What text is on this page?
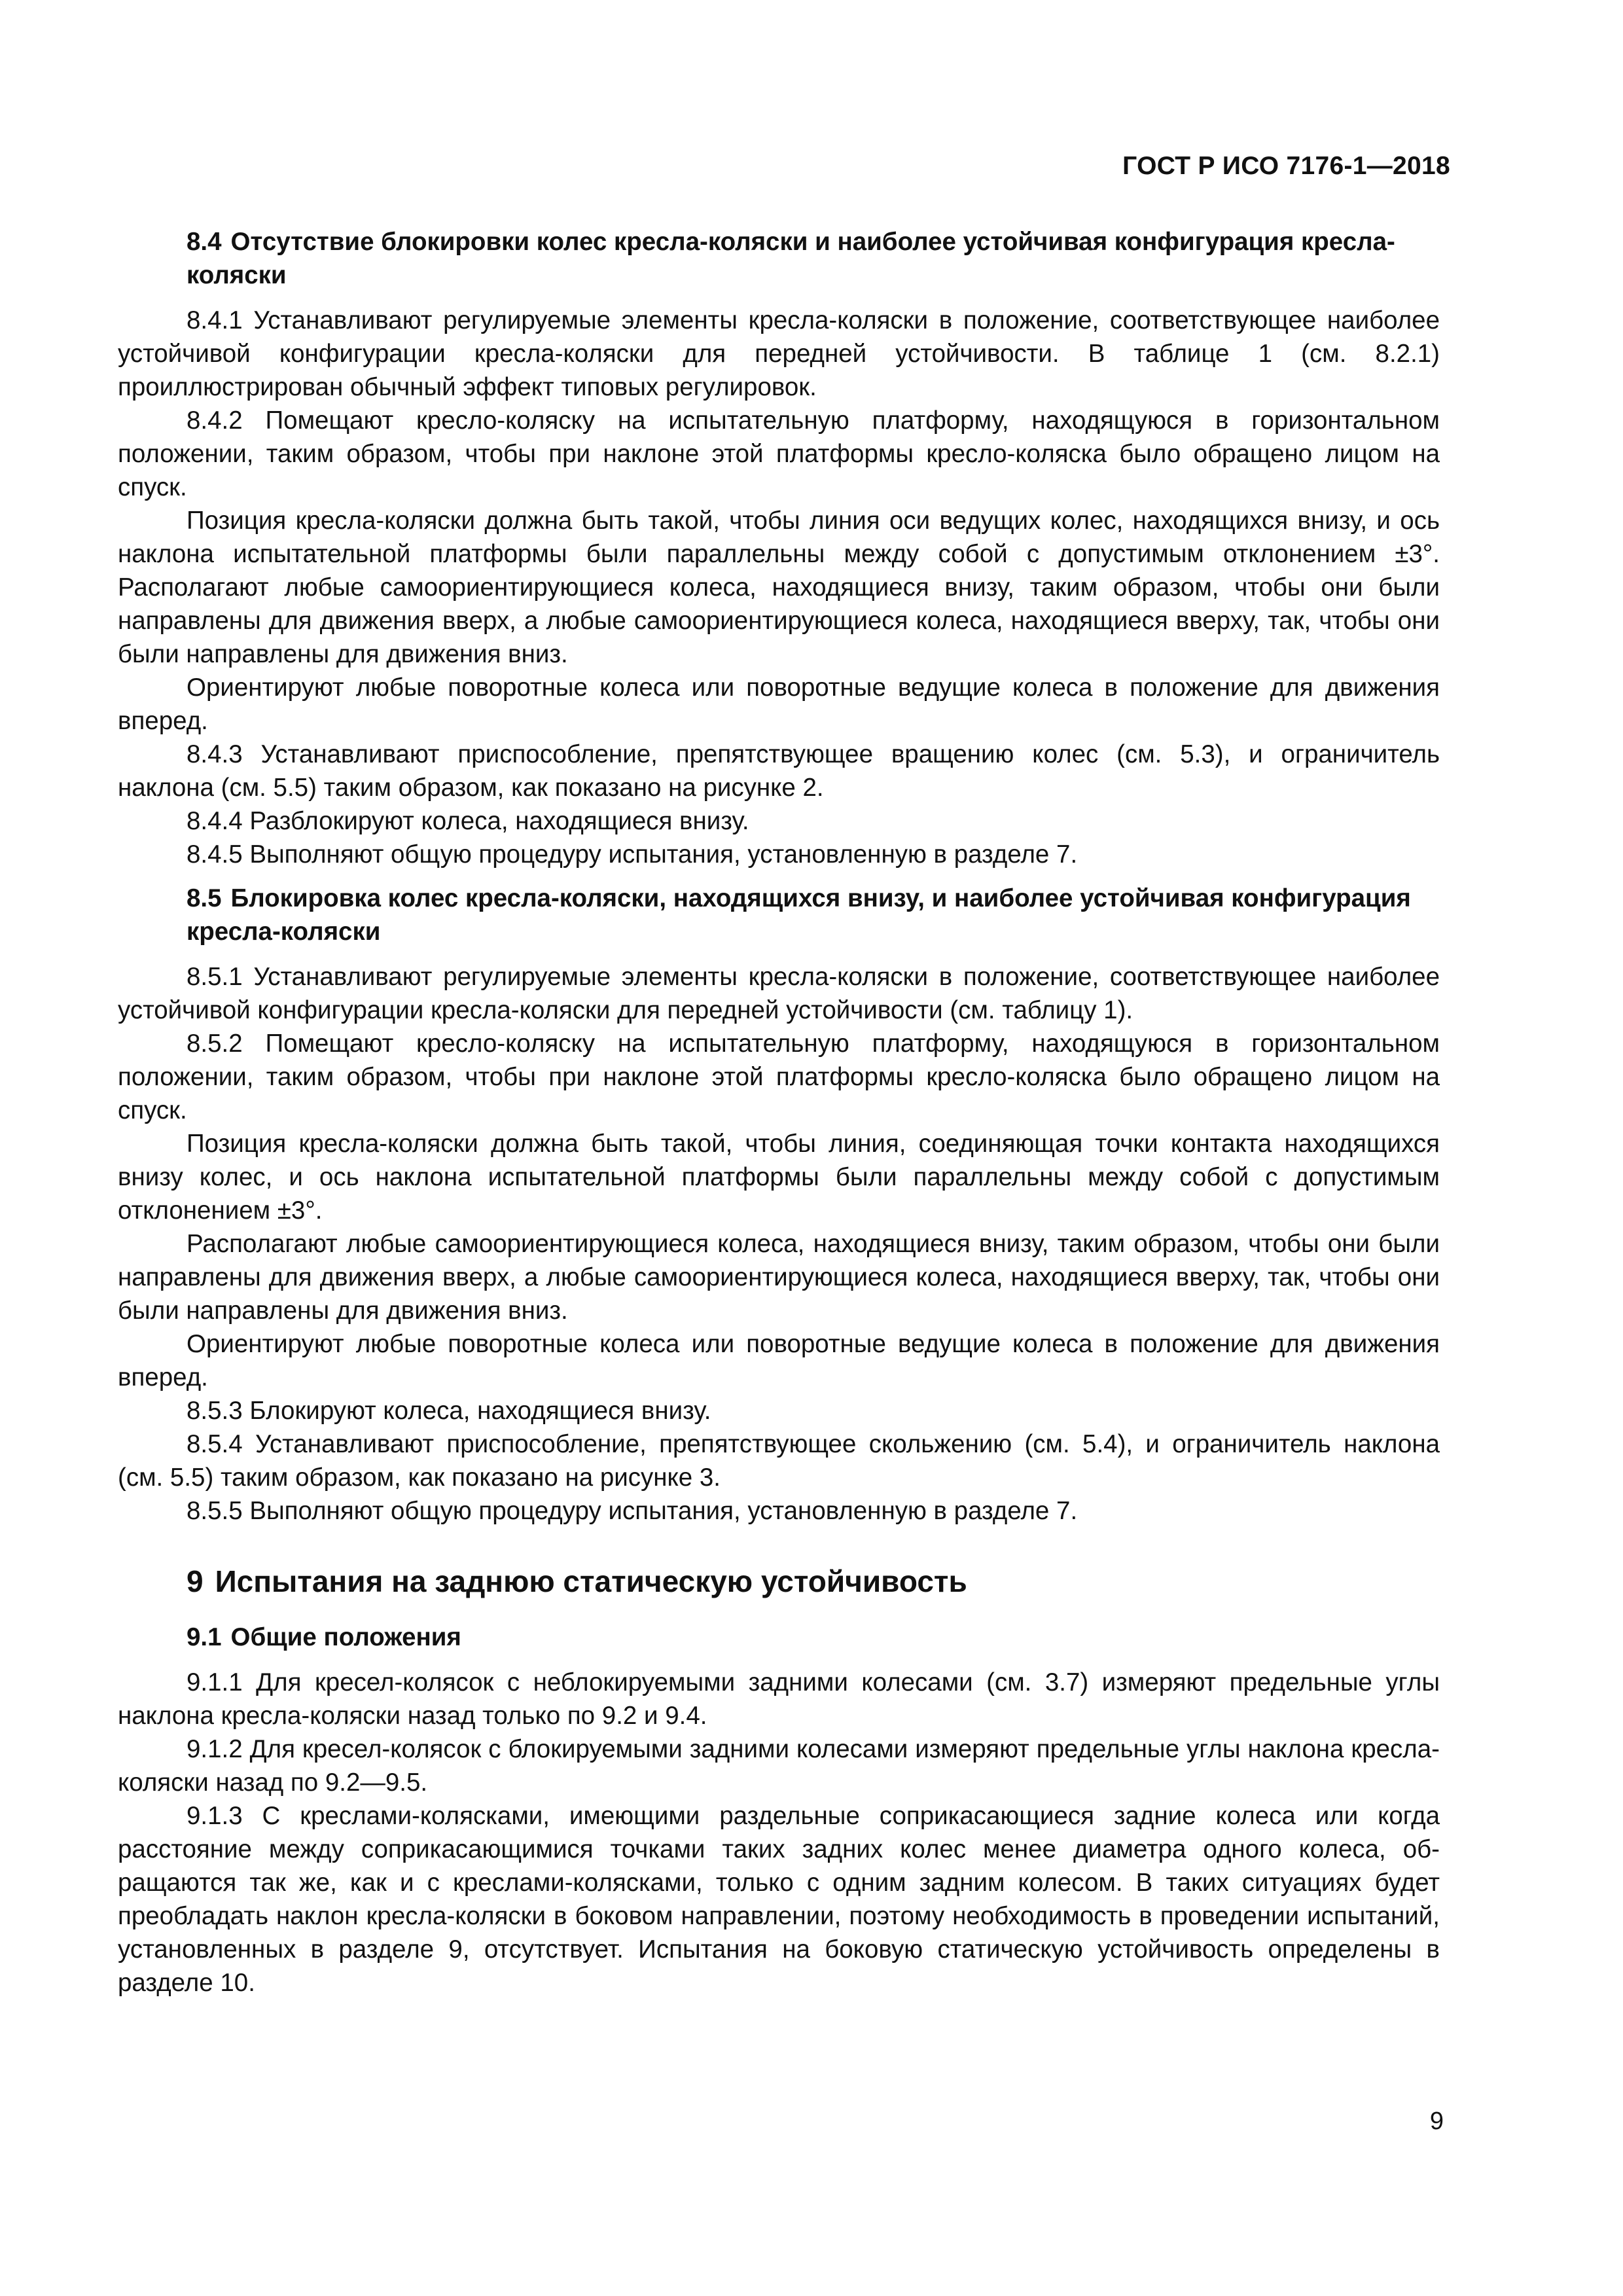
ГОСТ Р ИСО 7176-1—2018
8.4 Отсутствие блокировки колес кресла-коляски и наиболее устойчивая конфигурация кресла-коляски

8.4.1 Устанавливают регулируемые элементы кресла-коляски в положение, соответствующее наиболее устойчивой конфигурации кресла-коляски для передней устойчивости. В таблице 1 (см. 8.2.1) проиллюстрирован обычный эффект типовых регулировок.

8.4.2 Помещают кресло-коляску на испытательную платформу, находящуюся в горизонтальном положении, таким образом, чтобы при наклоне этой платформы кресло-коляска было обращено лицом на спуск.

Позиция кресла-коляски должна быть такой, чтобы линия оси ведущих колес, находящихся внизу, и ось наклона испытательной платформы были параллельны между собой с допустимым отклонением ±3°. Располагают любые самоориентирующиеся колеса, находящиеся внизу, таким образом, чтобы они были направлены для движения вверх, а любые самоориентирующиеся колеса, находящиеся вверху, так, чтобы они были направлены для движения вниз.

Ориентируют любые поворотные колеса или поворотные ведущие колеса в положение для движения вперед.

8.4.3 Устанавливают приспособление, препятствующее вращению колес (см. 5.3), и ограничитель наклона (см. 5.5) таким образом, как показано на рисунке 2.

8.4.4 Разблокируют колеса, находящиеся внизу.

8.4.5 Выполняют общую процедуру испытания, установленную в разделе 7.

8.5 Блокировка колес кресла-коляски, находящихся внизу, и наиболее устойчивая конфигурация кресла-коляски

8.5.1 Устанавливают регулируемые элементы кресла-коляски в положение, соответствующее наиболее устойчивой конфигурации кресла-коляски для передней устойчивости (см. таблицу 1).

8.5.2 Помещают кресло-коляску на испытательную платформу, находящуюся в горизонтальном положении, таким образом, чтобы при наклоне этой платформы кресло-коляска было обращено лицом на спуск.

Позиция кресла-коляски должна быть такой, чтобы линия, соединяющая точки контакта находящихся внизу колес, и ось наклона испытательной платформы были параллельны между собой с допустимым отклонением ±3°.

Располагают любые самоориентирующиеся колеса, находящиеся внизу, таким образом, чтобы они были направлены для движения вверх, а любые самоориентирующиеся колеса, находящиеся вверху, так, чтобы они были направлены для движения вниз.

Ориентируют любые поворотные колеса или поворотные ведущие колеса в положение для движения вперед.

8.5.3 Блокируют колеса, находящиеся внизу.

8.5.4 Устанавливают приспособление, препятствующее скольжению (см. 5.4), и ограничитель наклона (см. 5.5) таким образом, как показано на рисунке 3.

8.5.5 Выполняют общую процедуру испытания, установленную в разделе 7.

9 Испытания на заднюю статическую устойчивость
9.1 Общие положения

9.1.1 Для кресел-колясок с неблокируемыми задними колесами (см. 3.7) измеряют предельные углы наклона кресла-коляски назад только по 9.2 и 9.4.

9.1.2 Для кресел-колясок с блокируемыми задними колесами измеряют предельные углы наклона кресла-коляски назад по 9.2—9.5.

9.1.3 С креслами-колясками, имеющими раздельные соприкасающиеся задние колеса или когда расстояние между соприкасающимися точками таких задних колес менее диаметра одного колеса, обращаются так же, как и с креслами-колясками, только с одним задним колесом. В таких ситуациях будет преобладать наклон кресла-коляски в боковом направлении, поэтому необходимость в проведении испытаний, установленных в разделе 9, отсутствует. Испытания на боковую статическую устойчивость определены в разделе 10.

9
